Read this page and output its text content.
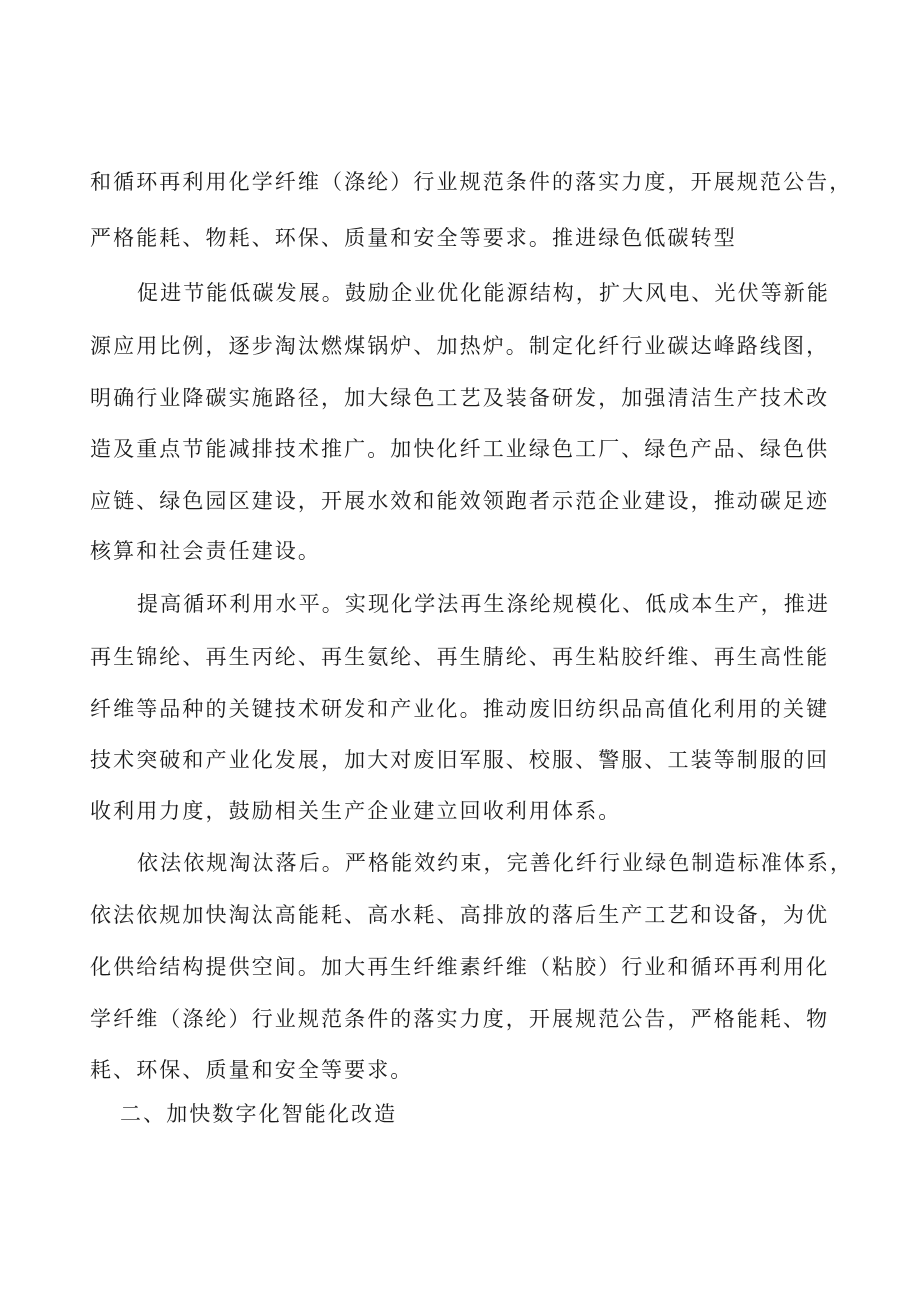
和循环再利用化学纤维（涤纶）行业规范条件的落实力度，开展规范公告，
严格能耗、物耗、环保、质量和安全等要求。推进绿色低碳转型
促进节能低碳发展。鼓励企业优化能源结构，扩大风电、光伏等新能
源应用比例，逐步淘汰燃煤锅炉、加热炉。制定化纤行业碳达峰路线图，
明确行业降碳实施路径，加大绿色工艺及装备研发，加强清洁生产技术改
造及重点节能减排技术推广。加快化纤工业绿色工厂、绿色产品、绿色供
应链、绿色园区建设，开展水效和能效领跑者示范企业建设，推动碳足迹
核算和社会责任建设。
提高循环利用水平。实现化学法再生涤纶规模化、低成本生产，推进
再生锦纶、再生丙纶、再生氨纶、再生腈纶、再生粘胶纤维、再生高性能
纤维等品种的关键技术研发和产业化。推动废旧纺织品高值化利用的关键
技术突破和产业化发展，加大对废旧军服、校服、警服、工装等制服的回
收利用力度，鼓励相关生产企业建立回收利用体系。
依法依规淘汰落后。严格能效约束，完善化纤行业绿色制造标准体系，
依法依规加快淘汰高能耗、高水耗、高排放的落后生产工艺和设备，为优
化供给结构提供空间。加大再生纤维素纤维（粘胶）行业和循环再利用化
学纤维（涤纶）行业规范条件的落实力度，开展规范公告，严格能耗、物
耗、环保、质量和安全等要求。
二、加快数字化智能化改造
